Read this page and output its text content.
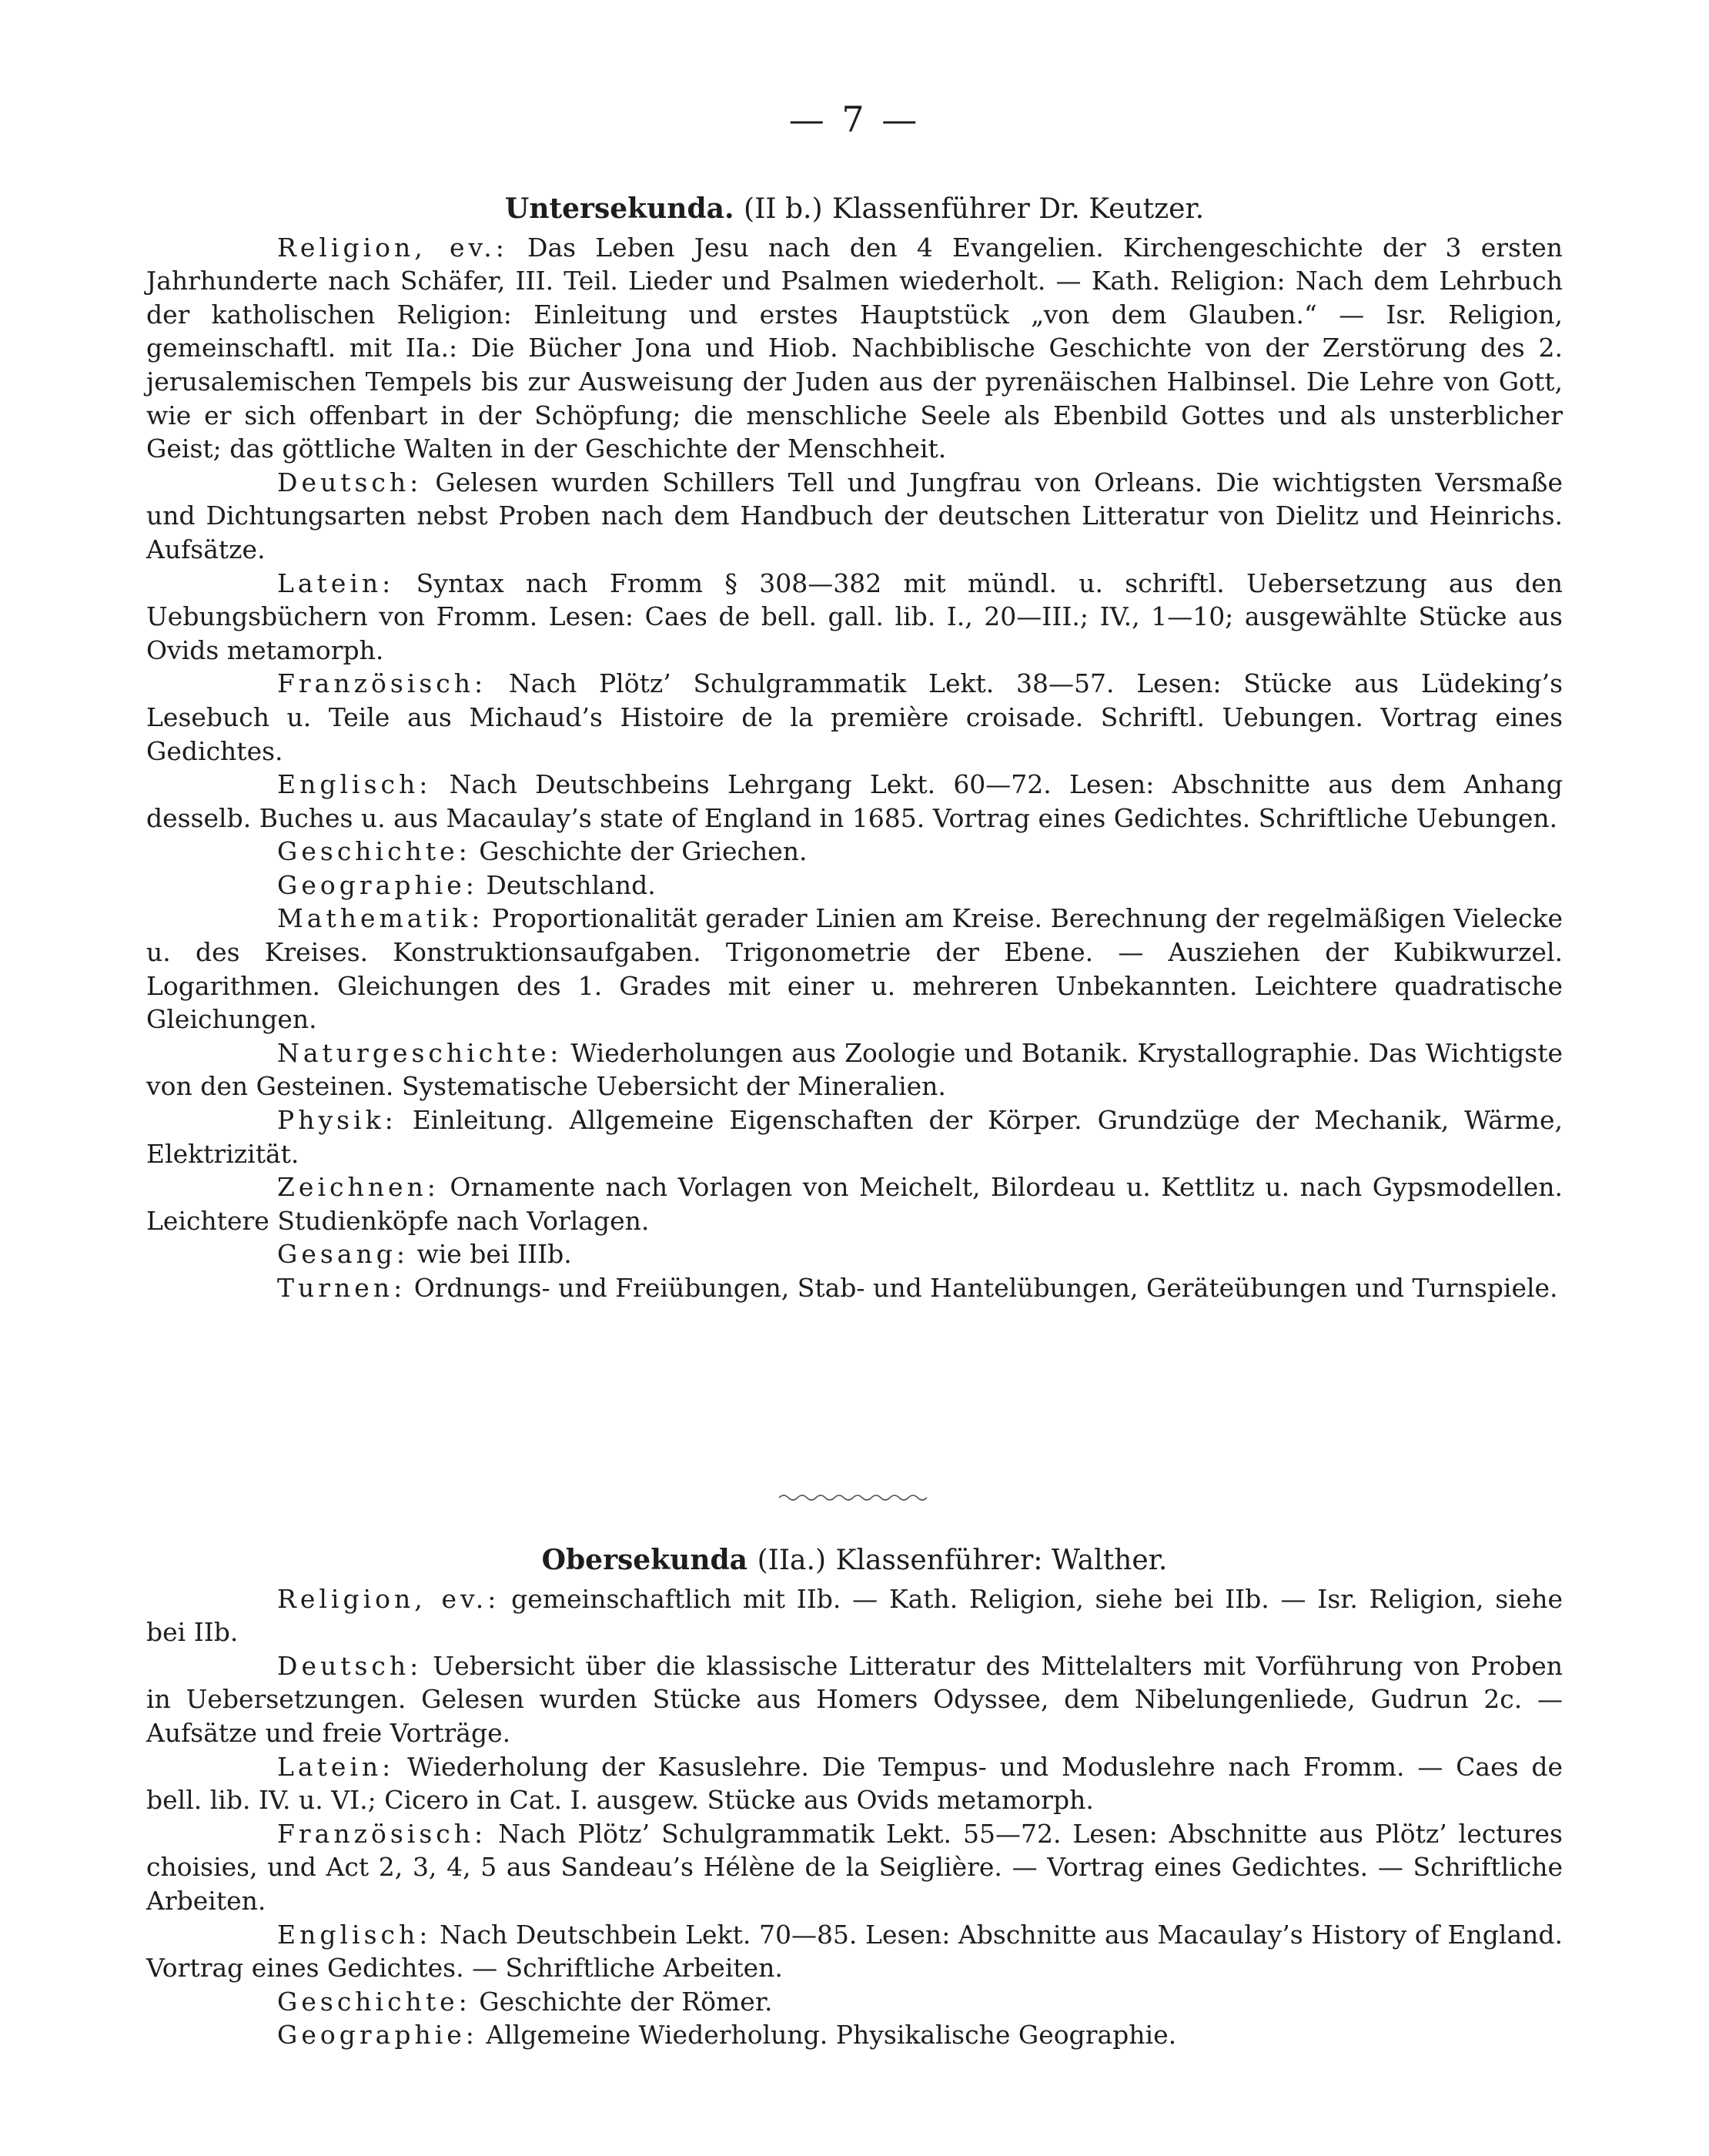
— 7 —
Untersekunda. (II b.) Klassenführer Dr. Keutzer.

Religion, ev.: Das Leben Jesu nach den 4 Evangelien. Kirchengeschichte der 3 ersten Jahrhunderte nach Schäfer, III. Teil. Lieder und Psalmen wiederholt. — Kath. Religion: Nach dem Lehrbuch der katholischen Religion: Einleitung und erstes Hauptstück „von dem Glauben.“ — Isr. Religion, gemeinschaftl. mit IIa.: Die Bücher Jona und Hiob. Nachbiblische Geschichte von der Zerstörung des 2. jerusalemischen Tempels bis zur Ausweisung der Juden aus der pyrenäischen Halbinsel. Die Lehre von Gott, wie er sich offenbart in der Schöpfung; die menschliche Seele als Ebenbild Gottes und als unsterblicher Geist; das göttliche Walten in der Geschichte der Menschheit.

Deutsch: Gelesen wurden Schillers Tell und Jungfrau von Orleans. Die wichtigsten Versmaße und Dichtungsarten nebst Proben nach dem Handbuch der deutschen Litteratur von Dielitz und Heinrichs. Aufsätze.

Latein: Syntax nach Fromm § 308—382 mit mündl. u. schriftl. Uebersetzung aus den Uebungsbüchern von Fromm. Lesen: Caes de bell. gall. lib. I., 20—III.; IV., 1—10; ausgewählte Stücke aus Ovids metamorph.

Französisch: Nach Plötz’ Schulgrammatik Lekt. 38—57. Lesen: Stücke aus Lüdeking’s Lesebuch u. Teile aus Michaud’s Histoire de la première croisade. Schriftl. Uebungen. Vortrag eines Gedichtes.

Englisch: Nach Deutschbeins Lehrgang Lekt. 60—72. Lesen: Abschnitte aus dem Anhang desselb. Buches u. aus Macaulay’s state of England in 1685. Vortrag eines Gedichtes. Schriftliche Uebungen.

Geschichte: Geschichte der Griechen.

Geographie: Deutschland.

Mathematik: Proportionalität gerader Linien am Kreise. Berechnung der regelmäßigen Vielecke u. des Kreises. Konstruktionsaufgaben. Trigonometrie der Ebene. — Ausziehen der Kubikwurzel. Logarithmen. Gleichungen des 1. Grades mit einer u. mehreren Unbekannten. Leichtere quadratische Gleichungen.

Naturgeschichte: Wiederholungen aus Zoologie und Botanik. Krystallographie. Das Wichtigste von den Gesteinen. Systematische Uebersicht der Mineralien.

Physik: Einleitung. Allgemeine Eigenschaften der Körper. Grundzüge der Mechanik, Wärme, Elektrizität.

Zeichnen: Ornamente nach Vorlagen von Meichelt, Bilordeau u. Kettlitz u. nach Gypsmodellen. Leichtere Studienköpfe nach Vorlagen.

Gesang: wie bei IIIb.

Turnen: Ordnungs- und Freiübungen, Stab- und Hantelübungen, Geräteübungen und Turnspiele.

Obersekunda (IIa.) Klassenführer: Walther.

Religion, ev.: gemeinschaftlich mit IIb. — Kath. Religion, siehe bei IIb. — Isr. Religion, siehe bei IIb.

Deutsch: Uebersicht über die klassische Litteratur des Mittelalters mit Vorführung von Proben in Uebersetzungen. Gelesen wurden Stücke aus Homers Odyssee, dem Nibelungenliede, Gudrun 2c. — Aufsätze und freie Vorträge.

Latein: Wiederholung der Kasuslehre. Die Tempus- und Moduslehre nach Fromm. — Caes de bell. lib. IV. u. VI.; Cicero in Cat. I. ausgew. Stücke aus Ovids metamorph.

Französisch: Nach Plötz’ Schulgrammatik Lekt. 55—72. Lesen: Abschnitte aus Plötz’ lectures choisies, und Act 2, 3, 4, 5 aus Sandeau’s Hélène de la Seiglière. — Vortrag eines Gedichtes. — Schriftliche Arbeiten.

Englisch: Nach Deutschbein Lekt. 70—85. Lesen: Abschnitte aus Macaulay’s History of England. Vortrag eines Gedichtes. — Schriftliche Arbeiten.

Geschichte: Geschichte der Römer.

Geographie: Allgemeine Wiederholung. Physikalische Geographie.
